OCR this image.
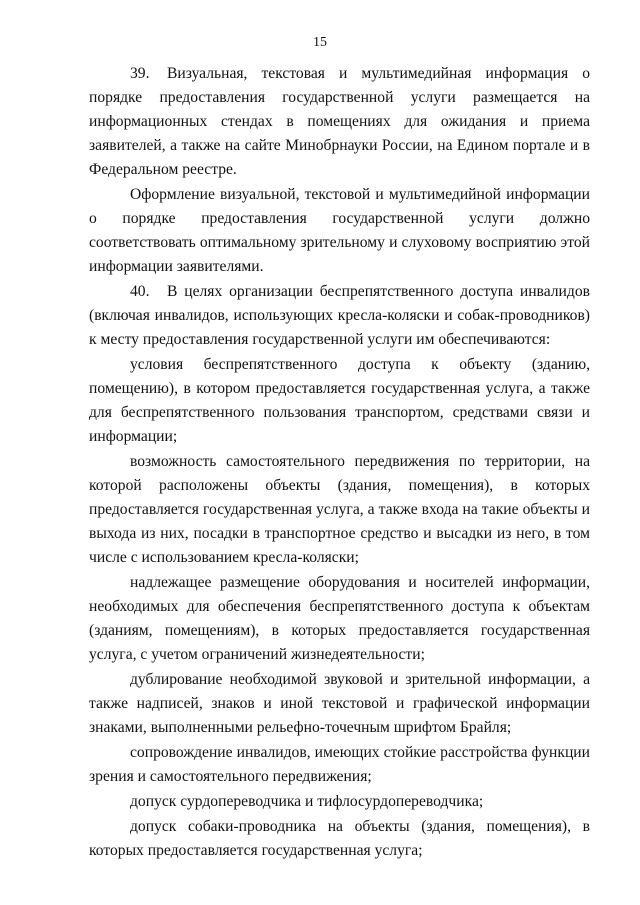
15

39. Визуальная, текстовая и мультимедийная информация о порядке предоставления государственной услуги размещается на информационных стендах в помещениях для ожидания и приема заявителей, а также на сайте Минобрнауки России, на Едином портале и в Федеральном реестре.

Оформление визуальной, текстовой и мультимедийной информации о порядке предоставления государственной услуги должно соответствовать оптимальному зрительному и слуховому восприятию этой информации заявителями.

40. В целях организации беспрепятственного доступа инвалидов (включая инвалидов, использующих кресла-коляски и собак-проводников) к месту предоставления государственной услуги им обеспечиваются:

условия беспрепятственного доступа к объекту (зданию, помещению), в котором предоставляется государственная услуга, а также для беспрепятственного пользования транспортом, средствами связи и информации;

возможность самостоятельного передвижения по территории, на которой расположены объекты (здания, помещения), в которых предоставляется государственная услуга, а также входа на такие объекты и выхода из них, посадки в транспортное средство и высадки из него, в том числе с использованием кресла-коляски;

надлежащее размещение оборудования и носителей информации, необходимых для обеспечения беспрепятственного доступа к объектам (зданиям, помещениям), в которых предоставляется государственная услуга, с учетом ограничений жизнедеятельности;

дублирование необходимой звуковой и зрительной информации, а также надписей, знаков и иной текстовой и графической информации знаками, выполненными рельефно-точечным шрифтом Брайля;

сопровождение инвалидов, имеющих стойкие расстройства функции зрения и самостоятельного передвижения;

допуск сурдопереводчика и тифлосурдопереводчика;

допуск собаки-проводника на объекты (здания, помещения), в которых предоставляется государственная услуга;
